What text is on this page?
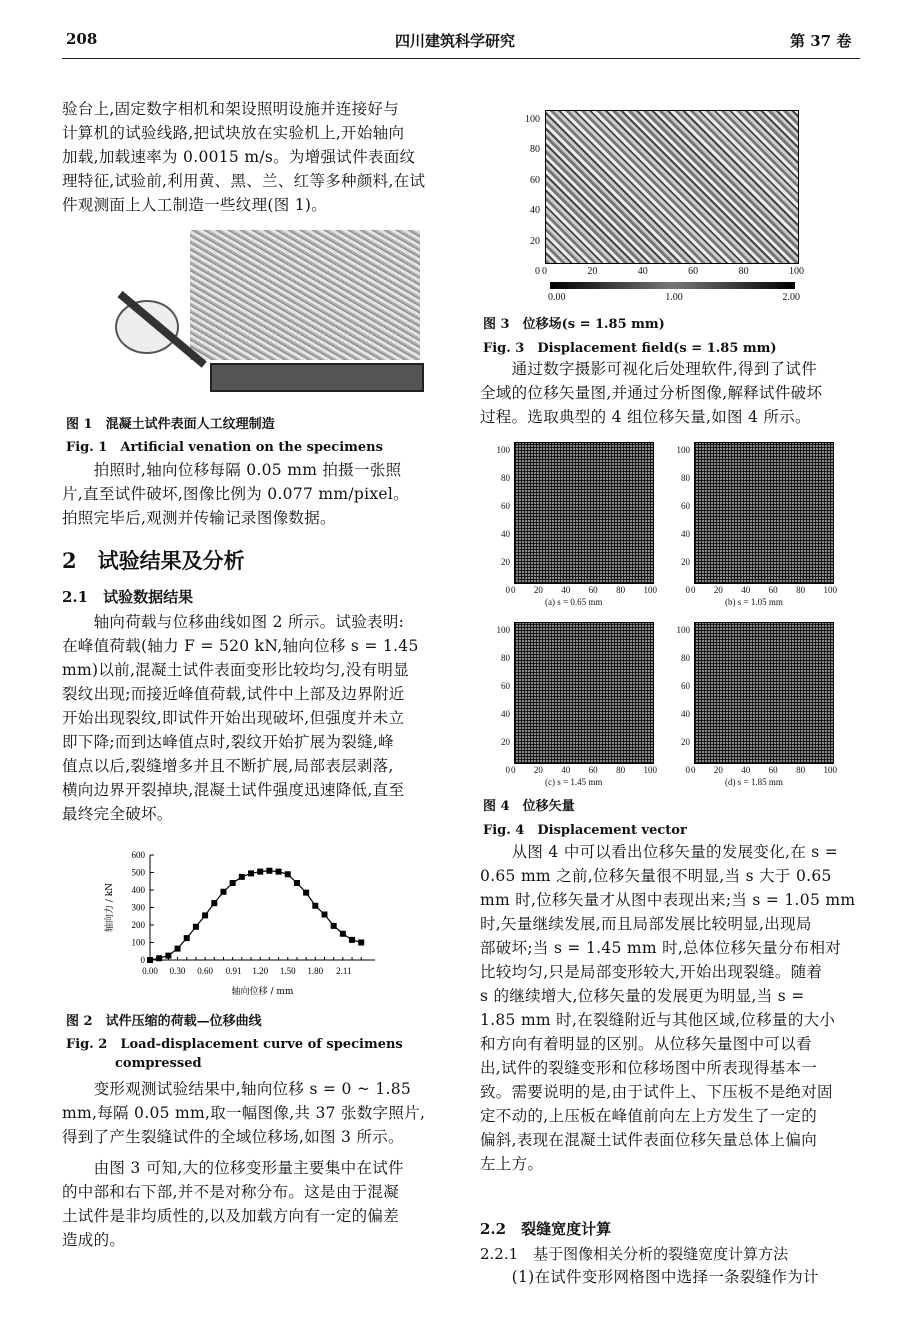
208	四川建筑科学研究	第 37 卷
验台上,固定数字相机和架设照明设施并连接好与
计算机的试验线路,把试块放在实验机上,开始轴向
加载,加载速率为 0.0015 m/s。为增强试件表面纹
理特征,试验前,利用黄、黑、兰、红等多种颜料,在试
件观测面上人工制造一些纹理(图 1)。
图 1　混凝土试件表面人工纹理制造
Fig. 1　Artificial venation on the specimens
　　拍照时,轴向位移每隔 0.05 mm 拍摄一张照
片,直至试件破坏,图像比例为 0.077 mm/pixel。
拍照完毕后,观测并传输记录图像数据。
2　试验结果及分析
2.1　试验数据结果
　　轴向荷载与位移曲线如图 2 所示。试验表明:
在峰值荷载(轴力 F = 520 kN,轴向位移 s = 1.45
mm)以前,混凝土试件表面变形比较均匀,没有明显
裂纹出现;而接近峰值荷载,试件中上部及边界附近
开始出现裂纹,即试件开始出现破坏,但强度并未立
即下降;而到达峰值点时,裂纹开始扩展为裂缝,峰
值点以后,裂缝增多并且不断扩展,局部表层剥落,
横向边界开裂掉块,混凝土试件强度迅速降低,直至
最终完全破坏。
0
100
200
300
400
500
600
0.00 0.30 0.60 0.91 1.20 1.50 1.80 2.11
轴向位移 / mm
轴向力 / kN
图 2　试件压缩的荷载—位移曲线
Fig. 2　Load-displacement curve of specimens
compressed
　　变形观测试验结果中,轴向位移 s = 0 ~ 1.85
mm,每隔 0.05 mm,取一幅图像,共 37 张数字照片,
得到了产生裂缝试件的全域位移场,如图 3 所示。
　　由图 3 可知,大的位移变形量主要集中在试件
的中部和右下部,并不是对称分布。这是由于混凝
土试件是非均质性的,以及加载方向有一定的偏差
造成的。
100
80
60
40
20
0 0	20	40	60	80	100
0.00	1.00	2.00
图 3　位移场(s = 1.85 mm)
Fig. 3　Displacement field(s = 1.85 mm)
　　通过数字摄影可视化后处理软件,得到了试件
全域的位移矢量图,并通过分析图像,解释试件破坏
过程。选取典型的 4 组位移矢量,如图 4 所示。
100
80
60
40
20
0 0 20 40 60 80 100
(a) s = 0.65 mm
100
80
60
40
20
0 0 20 40 60 80 100
(b) s = 1.05 mm
100
80
60
40
20
0 0 20 40 60 80 100
(c) s = 1.45 mm
100
80
60
40
20
0 0 20 40 60 80 100
(d) s = 1.85 mm
图 4　位移矢量
Fig. 4　Displacement vector
　　从图 4 中可以看出位移矢量的发展变化,在 s =
0.65 mm 之前,位移矢量很不明显,当 s 大于 0.65
mm 时,位移矢量才从图中表现出来;当 s = 1.05 mm
时,矢量继续发展,而且局部发展比较明显,出现局
部破坏;当 s = 1.45 mm 时,总体位移矢量分布相对
比较均匀,只是局部变形较大,开始出现裂缝。随着
s 的继续增大,位移矢量的发展更为明显,当 s =
1.85 mm 时,在裂缝附近与其他区域,位移量的大小
和方向有着明显的区别。从位移矢量图中可以看
出,试件的裂缝变形和位移场图中所表现得基本一
致。需要说明的是,由于试件上、下压板不是绝对固
定不动的,上压板在峰值前向左上方发生了一定的
偏斜,表现在混凝土试件表面位移矢量总体上偏向
左上方。
2.2　裂缝宽度计算
2.2.1　基于图像相关分析的裂缝宽度计算方法
　　(1)在试件变形网格图中选择一条裂缝作为计
